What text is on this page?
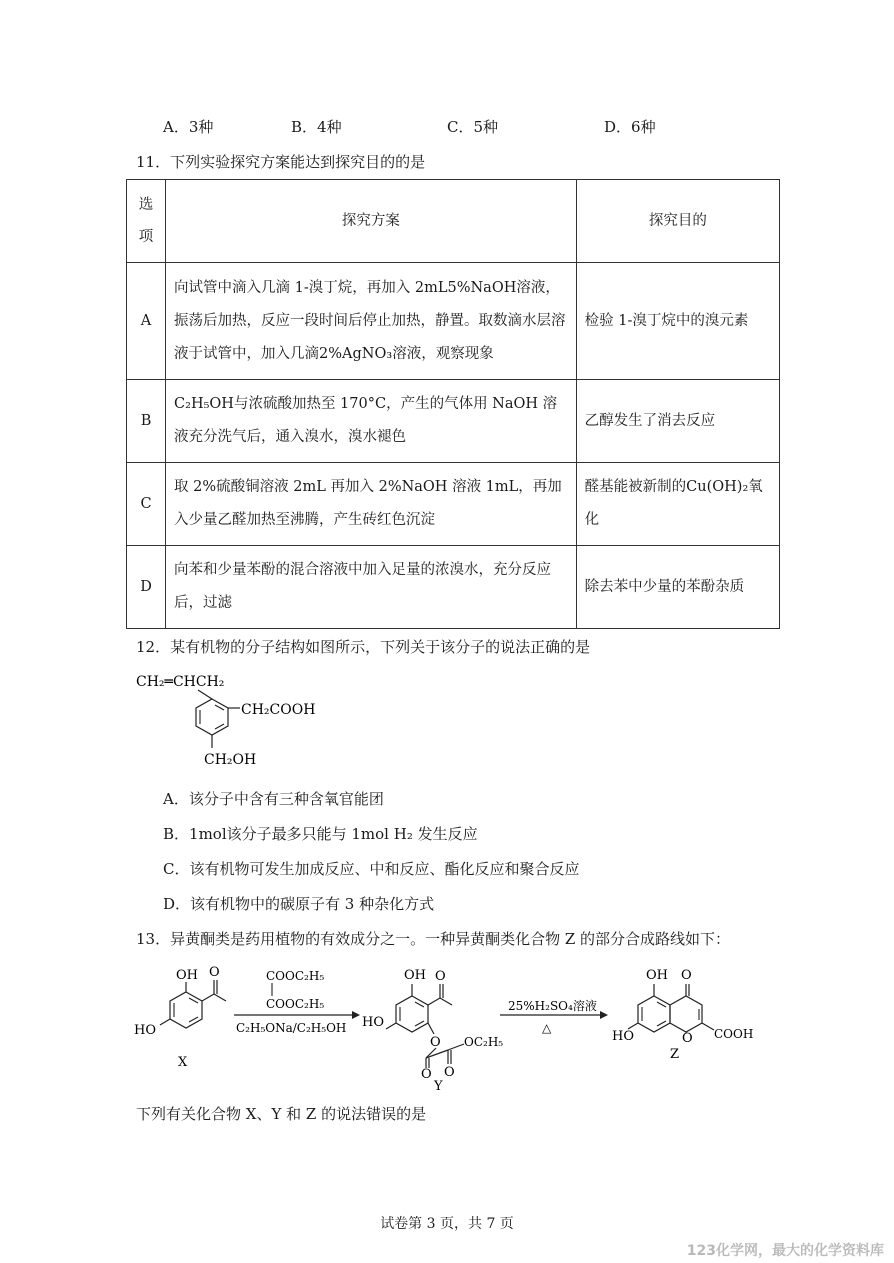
A．3种	B．4种	C．5种	D．6种
11．下列实验探究方案能达到探究目的的是
选
项	探究方案	探究目的
A	向试管中滴入几滴 1-溴丁烷，再加入 2mL5%NaOH溶液，振荡后加热，反应一段时间后停止加热，静置。取数滴水层溶液于试管中，加入几滴2%AgNO₃溶液，观察现象	检验 1-溴丁烷中的溴元素
B	C₂H₅OH与浓硫酸加热至 170°C，产生的气体用 NaOH 溶液充分洗气后，通入溴水，溴水褪色	乙醇发生了消去反应
C	取 2%硫酸铜溶液 2mL 再加入 2%NaOH 溶液 1mL，再加入少量乙醛加热至沸腾，产生砖红色沉淀	醛基能被新制的Cu(OH)₂氧化
D	向苯和少量苯酚的混合溶液中加入足量的浓溴水，充分反应后，过滤	除去苯中少量的苯酚杂质
12．某有机物的分子结构如图所示，下列关于该分子的说法正确的是
CH₂═CHCH₂
CH₂COOH
CH₂OH
A．该分子中含有三种含氧官能团
B．1mol该分子最多只能与 1mol H₂ 发生反应
C．该有机物可发生加成反应、中和反应、酯化反应和聚合反应
D．该有机物中的碳原子有 3 种杂化方式
13．异黄酮类是药用植物的有效成分之一。一种异黄酮类化合物 Z 的部分合成路线如下：
OH O
HO
X
COOC₂H₅
COOC₂H₅
C₂H₅ONa/C₂H₅OH
OH O
HO
O
O O
OC₂H₅
Y
25%H₂SO₄溶液
△
OH O
O COOH
HO
Z
下列有关化合物 X、Y 和 Z 的说法错误的是
试卷第 3 页，共 7 页
123化学网，最大的化学资料库
